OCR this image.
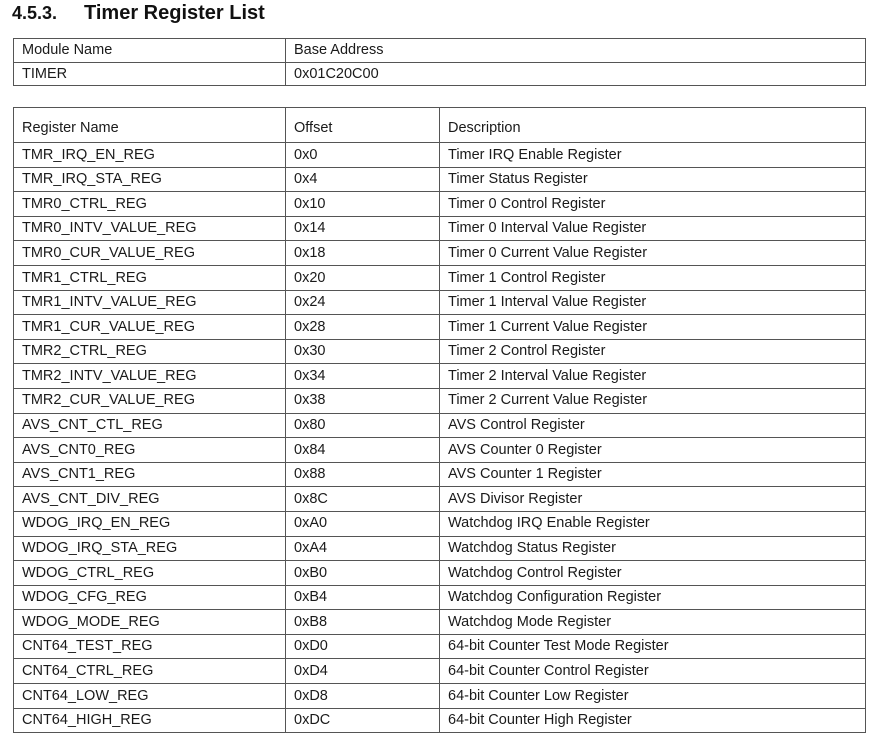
4.5.3.	Timer Register List
Module Name	Base Address
TIMER	0x01C20C00
Register Name	Offset	Description
TMR_IRQ_EN_REG	0x0	Timer IRQ Enable Register
TMR_IRQ_STA_REG	0x4	Timer Status Register
TMR0_CTRL_REG	0x10	Timer 0 Control Register
TMR0_INTV_VALUE_REG	0x14	Timer 0 Interval Value Register
TMR0_CUR_VALUE_REG	0x18	Timer 0 Current Value Register
TMR1_CTRL_REG	0x20	Timer 1 Control Register
TMR1_INTV_VALUE_REG	0x24	Timer 1 Interval Value Register
TMR1_CUR_VALUE_REG	0x28	Timer 1 Current Value Register
TMR2_CTRL_REG	0x30	Timer 2 Control Register
TMR2_INTV_VALUE_REG	0x34	Timer 2 Interval Value Register
TMR2_CUR_VALUE_REG	0x38	Timer 2 Current Value Register
AVS_CNT_CTL_REG	0x80	AVS Control Register
AVS_CNT0_REG	0x84	AVS Counter 0 Register
AVS_CNT1_REG	0x88	AVS Counter 1 Register
AVS_CNT_DIV_REG	0x8C	AVS Divisor Register
WDOG_IRQ_EN_REG	0xA0	Watchdog IRQ Enable Register
WDOG_IRQ_STA_REG	0xA4	Watchdog Status Register
WDOG_CTRL_REG	0xB0	Watchdog Control Register
WDOG_CFG_REG	0xB4	Watchdog Configuration Register
WDOG_MODE_REG	0xB8	Watchdog Mode Register
CNT64_TEST_REG	0xD0	64-bit Counter Test Mode Register
CNT64_CTRL_REG	0xD4	64-bit Counter Control Register
CNT64_LOW_REG	0xD8	64-bit Counter Low Register
CNT64_HIGH_REG	0xDC	64-bit Counter High Register
